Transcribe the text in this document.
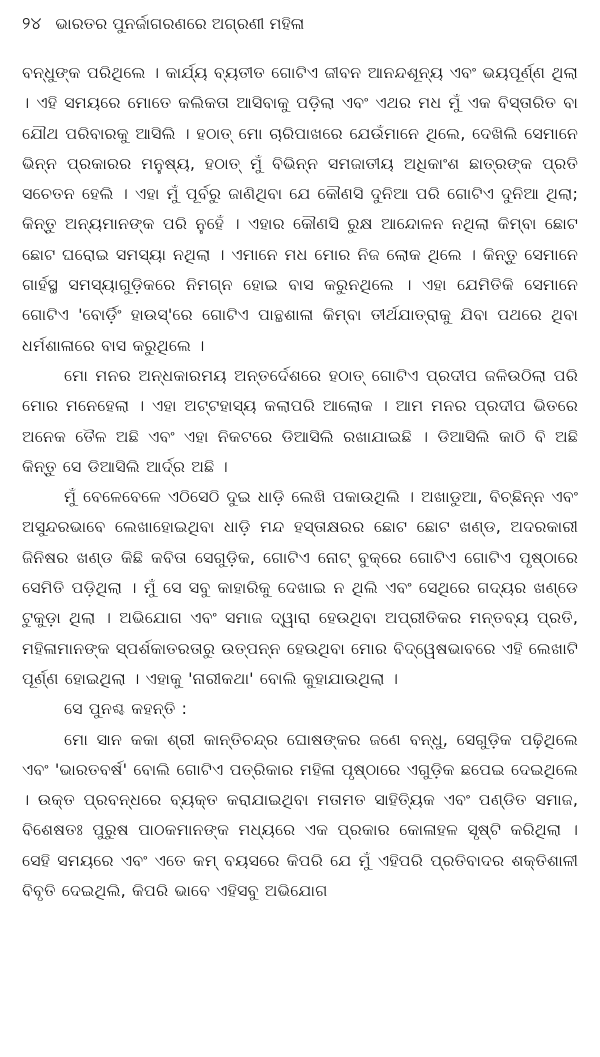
୨୪ ଭାରତର ପୁନର୍ଜାଗରଣରେ ଅଗ୍ରଣୀ ମହିଳା

ବନ୍ଧୁଙ୍କ ପରିଥିଲେ । କାର୍ଯ୍ୟ ବ୍ୟତୀତ ଗୋଟିଏ ଜୀବନ ଆନନ୍ଦଶୂନ୍ୟ ଏବଂ ଭୟପୂର୍ଣ୍ଣ ଥିଲା । ଏହି ସମୟରେ ମୋତେ କଲିକତା ଆସିବାକୁ ପଡ଼ିଲା ଏବଂ ଏଥର ମଧ ମୁଁ ଏକ ବିସ୍ତାରିତ ବା ଯୌଥ ପରିବାରକୁ ଆସିଲି । ହଠାତ୍ ମୋ ଚାରିପାଖରେ ଯେଉଁମାନେ ଥିଲେ, ଦେଖିଲି ସେମାନେ ଭିନ୍ନ ପ୍ରକାରର ମନୁଷ୍ୟ, ହଠାତ୍ ମୁଁ ବିଭିନ୍ନ ସମଜାତୀୟ ଅଧିକାଂଶ ଛାତ୍ରଙ୍କ ପ୍ରତି ସଚେତନ ହେଲି । ଏହା ମୁଁ ପୂର୍ବରୁ ଜାଣିଥିବା ଯେ କୌଣସି ଦୁନିଆ ପରି ଗୋଟିଏ ଦୁନିଆ ଥିଲା; କିନ୍ତୁ ଅନ୍ୟମାନଙ୍କ ପରି ନୁହେଁ । ଏହାର କୌଣସି ରୁକ୍ଷ ଆନ୍ଦୋଳନ ନଥିଲା କିମ୍ବା ଛୋଟ ଛୋଟ ଘରୋଇ ସମସ୍ୟା ନଥିଲା । ଏମାନେ ମଧ ମୋର ନିଜ ଲୋକ ଥିଲେ । କିନ୍ତୁ ସେମାନେ ଗାର୍ହସ୍ଥ ସମସ୍ୟାଗୁଡ଼ିକରେ ନିମଗ୍ନ ହୋଇ ବାସ କରୁନଥିଲେ । ଏହା ଯେମିତିକି ସେମାନେ ଗୋଟିଏ 'ବୋର୍ଡ଼ିଂ ହାଉସ୍'ରେ ଗୋଟିଏ ପାନ୍ଥଶାଳା କିମ୍ବା ତୀର୍ଥଯାତ୍ରାକୁ ଯିବା ପଥରେ ଥିବା ଧର୍ମଶାଳାରେ ବାସ କରୁଥିଲେ ।

ମୋ ମନର ଅନ୍ଧକାରମୟ ଅନ୍ତର୍ଦେଶରେ ହଠାତ୍ ଗୋଟିଏ ପ୍ରଦୀପ ଜଳିଉଠିଲା ପରି ମୋର ମନେହେଲା । ଏହା ଅଟ୍ଟହାସ୍ୟ କଲାପରି ଆଲୋକ । ଆମ ମନର ପ୍ରଦୀପ ଭିତରେ ଅନେକ ତୈଳ ଅଛି ଏବଂ ଏହା ନିକଟରେ ଡିଆସିଲି ରଖାଯାଇଛି । ଡିଆସିଲି କାଠି ବି ଅଛି କିନ୍ତୁ ସେ ଡିଆସିଲି ଆର୍ଦ୍ର ଅଛି ।

ମୁଁ ବେଳେବେଳେ ଏଠିସେଠି ଦୁଇ ଧାଡ଼ି ଲେଖି ପକାଉଥିଲି । ଅଖାଡୁଆ, ବିଚ୍ଛିନ୍ନ ଏବଂ ଅସୁନ୍ଦରଭାବେ ଲେଖାହୋଇଥିବା ଧାଡ଼ି ମନ୍ଦ ହସ୍ତାକ୍ଷରର ଛୋଟ ଛୋଟ ଖଣ୍ଡ, ଅଦରକାରୀ ଜିନିଷର ଖଣ୍ଡ କିଛି କବିତା ସେଗୁଡ଼ିକ, ଗୋଟିଏ ନୋଟ୍ ବୁକ୍‌ରେ ଗୋଟିଏ ଗୋଟିଏ ପୃଷ୍ଠାରେ ସେମିତି ପଡ଼ିଥିଲା । ମୁଁ ସେ ସବୁ କାହାରିକୁ ଦେଖାଇ ନ ଥିଲି ଏବଂ ସେଥିରେ ଗଦ୍ୟର ଖଣ୍ଡେ ଟୁକୁଡ଼ା ଥିଲା । ଅଭିଯୋଗ ଏବଂ ସମାଜ ଦ୍ୱାରା ହେଉଥିବା ଅପ୍ରୀତିକର ମନ୍ତବ୍ୟ ପ୍ରତି, ମହିଳାମାନଙ୍କ ସ୍ପର୍ଶକାତରତାରୁ ଉତ୍ପନ୍ନ ହେଉଥିବା ମୋର ବିଦ୍ୱେଷଭାବରେ ଏହି ଲେଖାଟି ପୂର୍ଣ୍ଣ ହୋଇଥିଲା । ଏହାକୁ 'ନାରୀକଥା' ବୋଲି କୁହାଯାଉଥିଲା ।

ସେ ପୁନଶ୍ଚ କହନ୍ତି :

ମୋ ସାନ କକା ଶ୍ରୀ କାନ୍ତିଚନ୍ଦ୍ର ଘୋଷଙ୍କର ଜଣେ ବନ୍ଧୁ, ସେଗୁଡ଼ିକ ପଢ଼ିଥିଲେ ଏବଂ 'ଭାରତବର୍ଷ' ବୋଲି ଗୋଟିଏ ପତ୍ରିକାର ମହିଳା ପୃଷ୍ଠାରେ ଏଗୁଡ଼ିକ ଛପେଇ ଦେଇଥିଲେ । ଉକ୍ତ ପ୍ରବନ୍ଧରେ ବ୍ୟକ୍ତ କରାଯାଇଥିବା ମତାମତ ସାହିତ୍ୟିକ ଏବଂ ପଣ୍ଡିତ ସମାଜ, ବିଶେଷତଃ ପୁରୁଷ ପାଠକମାନଙ୍କ ମଧ୍ୟରେ ଏକ ପ୍ରକାର କୋଳାହଳ ସୃଷ୍ଟି କରିଥିଲା । ସେହି ସମୟରେ ଏବଂ ଏତେ କମ୍ ବୟସରେ କିପରି ଯେ ମୁଁ ଏହିପରି ପ୍ରତିବାଦର ଶକ୍ତିଶାଳୀ ବିବୃତି ଦେଇଥିଲି, କିପରି ଭାବେ ଏହିସବୁ ଅଭିଯୋଗ
